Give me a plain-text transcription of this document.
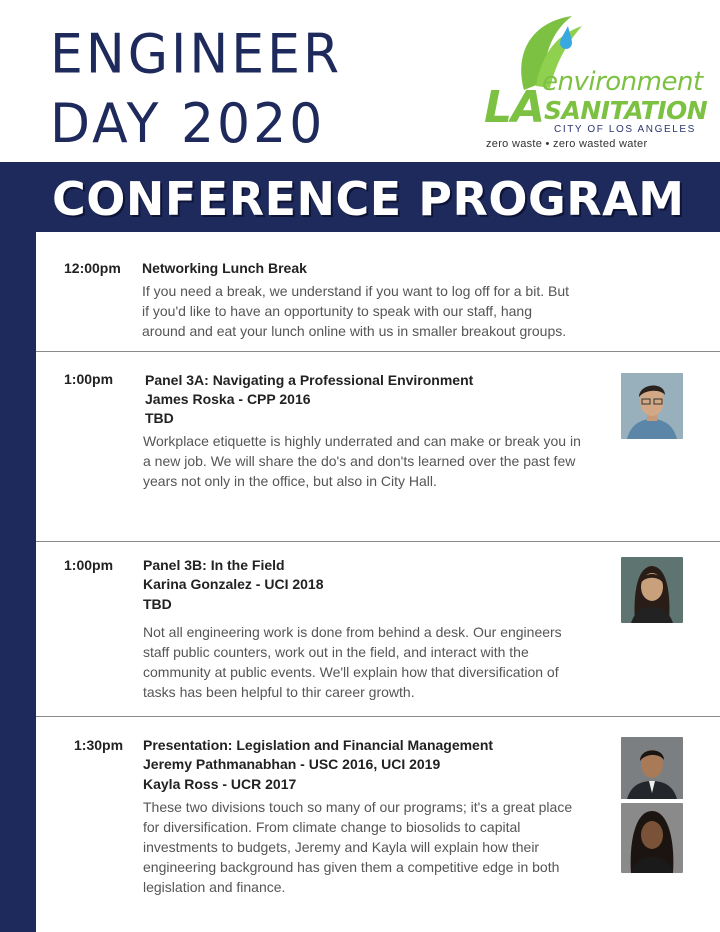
ENGINEER
DAY 2020
environment
LA SANITATION
CITY OF LOS ANGELES
zero waste • zero wasted water
CONFERENCE PROGRAM
12:00pm Networking Lunch Break
If you need a break, we understand if you want to log off for a bit. But
if you'd like to have an opportunity to speak with our staff, hang
around and eat your lunch online with us in smaller breakout groups.
1:00pm Panel 3A: Navigating a Professional Environment
James Roska - CPP 2016
TBD
Workplace etiquette is highly underrated and can make or break you in
a new job. We will share the do's and don'ts learned over the past few
years not only in the office, but also in City Hall.
1:00pm Panel 3B: In the Field
Karina Gonzalez - UCI 2018
TBD
Not all engineering work is done from behind a desk. Our engineers
staff public counters, work out in the field, and interact with the
community at public events. We'll explain how that diversification of
tasks has been helpful to thir career growth.
1:30pm Presentation: Legislation and Financial Management
Jeremy Pathmanabhan - USC 2016, UCI 2019
Kayla Ross - UCR 2017
These two divisions touch so many of our programs; it's a great place
for diversification. From climate change to biosolids to capital
investments to budgets, Jeremy and Kayla will explain how their
engineering background has given them a competitive edge in both
legislation and finance.
